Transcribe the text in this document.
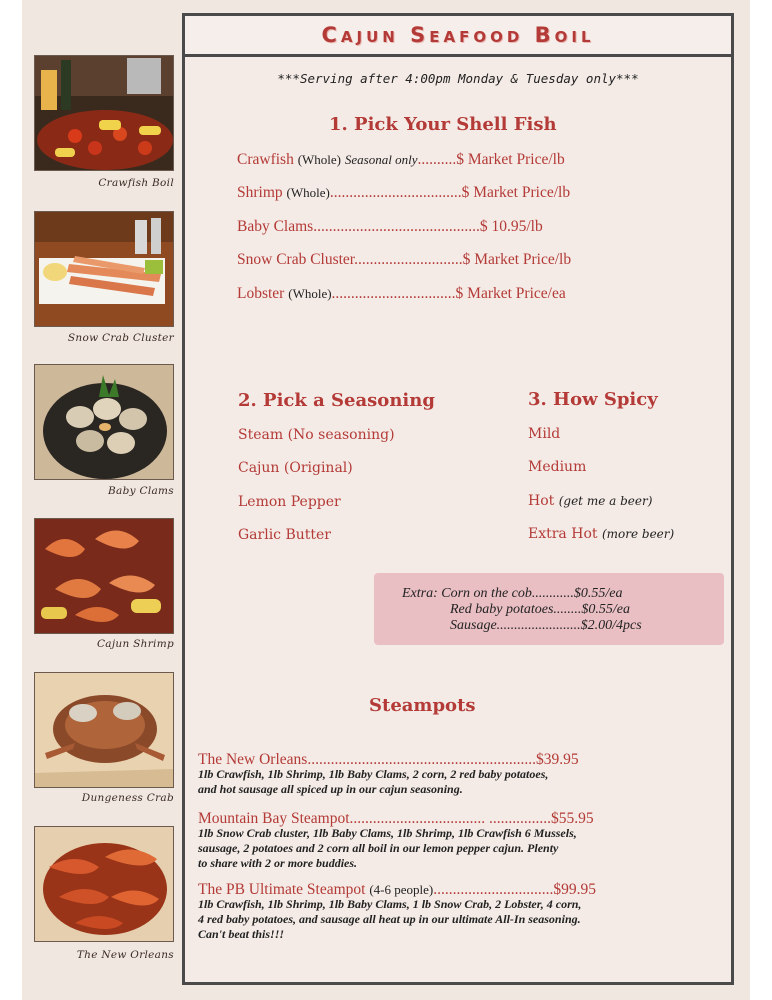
Crawfish Boil
Snow Crab Cluster
Baby Clams
Cajun Shrimp
Dungeness Crab
The New Orleans
Cajun Seafood Boil
***Serving after 4:00pm Monday & Tuesday only***
1. Pick Your Shell Fish
Crawfish (Whole) Seasonal only..........$ Market Price/lb
Shrimp (Whole)..................................$ Market Price/lb
Baby Clams...........................................$ 10.95/lb
Snow Crab Cluster............................$ Market Price/lb
Lobster (Whole)................................$ Market Price/ea
2. Pick a Seasoning
Steam (No seasoning)
Cajun (Original)
Lemon Pepper
Garlic Butter
3. How Spicy
Mild
Medium
Hot (get me a beer)
Extra Hot (more beer)
Extra: Corn on the cob............$0.55/ea
Red baby potatoes........$0.55/ea
Sausage........................$2.00/4pcs
Steampots
The New Orleans...........................................................$39.95
1lb Crawfish, 1lb Shrimp, 1lb Baby Clams, 2 corn, 2 red baby potatoes,
and hot sausage all spiced up in our cajun seasoning.
Mountain Bay Steampot................................... ................$55.95
1lb Snow Crab cluster, 1lb Baby Clams, 1lb Shrimp, 1lb Crawfish 6 Mussels,
sausage, 2 potatoes and 2 corn all boil in our lemon pepper cajun. Plenty
to share with 2 or more buddies.
The PB Ultimate Steampot (4-6 people)...............................$99.95
1lb Crawfish, 1lb Shrimp, 1lb Baby Clams, 1 lb Snow Crab, 2 Lobster, 4 corn,
4 red baby potatoes, and sausage all heat up in our ultimate All-In seasoning.
Can't beat this!!!
